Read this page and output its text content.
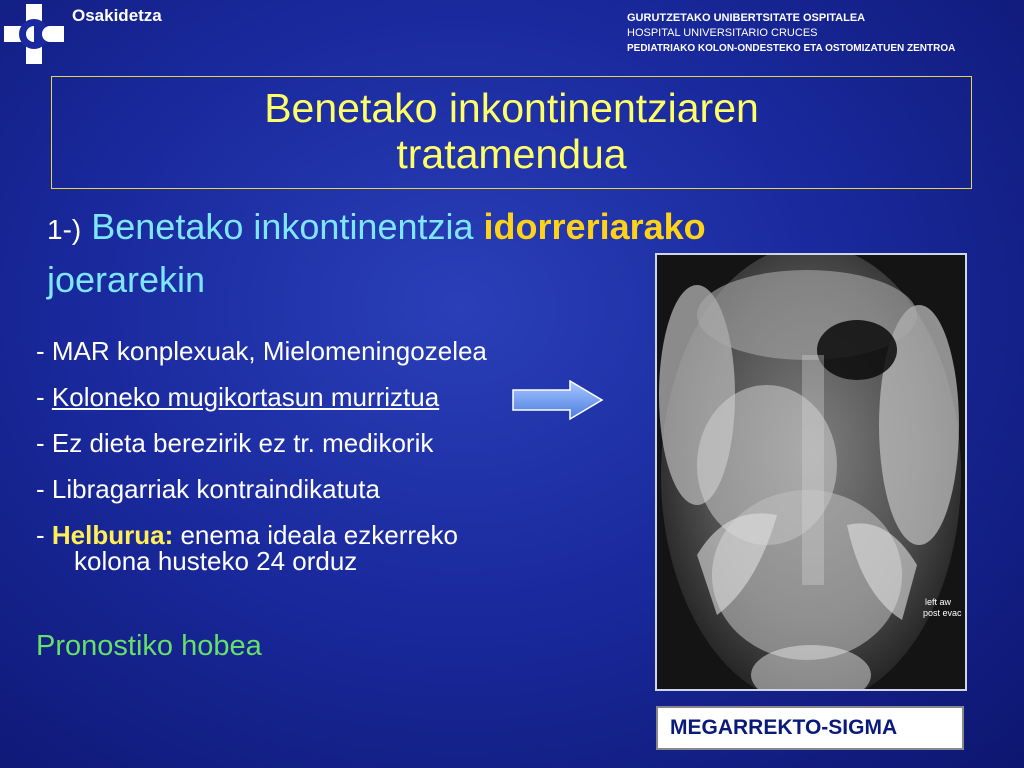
Osakidetza	GURUTZETAKO UNIBERTSITATE OSPITALEA
HOSPITAL UNIVERSITARIO CRUCES
PEDIATRIAKO KOLON-ONDESTEKO ETA OSTOMIZATUEN ZENTROA
Benetako inkontinentziaren
tratamendua
1-) Benetako inkontinentzia idorreriarako
joerarekin
- MAR konplexuak, Mielomeningozelea
- Koloneko mugikortasun murriztua
- Ez dieta berezirik ez tr. medikorik
- Libragarriak kontraindikatuta
- Helburua: enema ideala ezkerreko
kolona husteko 24 orduz
Pronostiko hobea
left aw
post evac
MEGARREKTO-SIGMA
